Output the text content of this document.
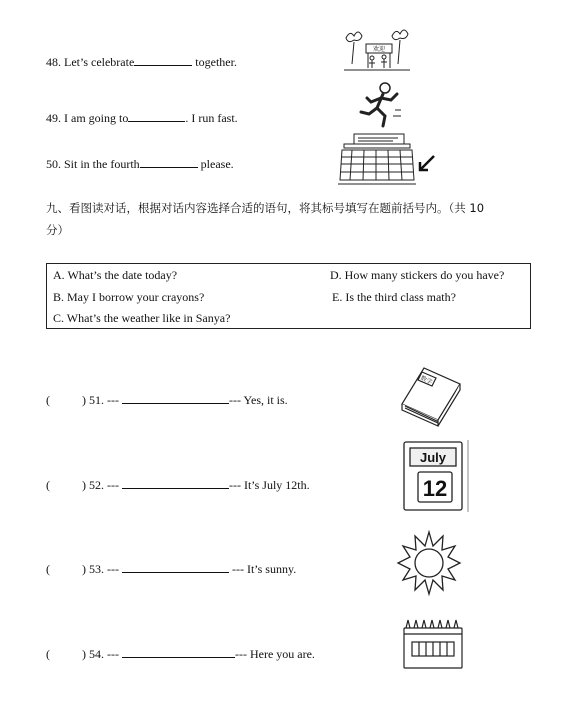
48. Let’s celebrate	together.
49. I am going to	. I run fast.
50. Sit in the fourth	please.
欢迎
九、看图读对话，根据对话内容选择合适的语句，将其标号填写在题前括号内。（共 10
分）
A. What’s the date today?
B. May I borrow your crayons?
C. What’s the weather like in Sanya?
D. How many stickers do you have?
E. Is the third class math?
(	) 51. ---	--- Yes, it is.
(	) 52. ---	--- It’s July 12th.
(	) 53. ---	--- It’s sunny.
(	) 54. ---	--- Here you are.
数学
July
12
